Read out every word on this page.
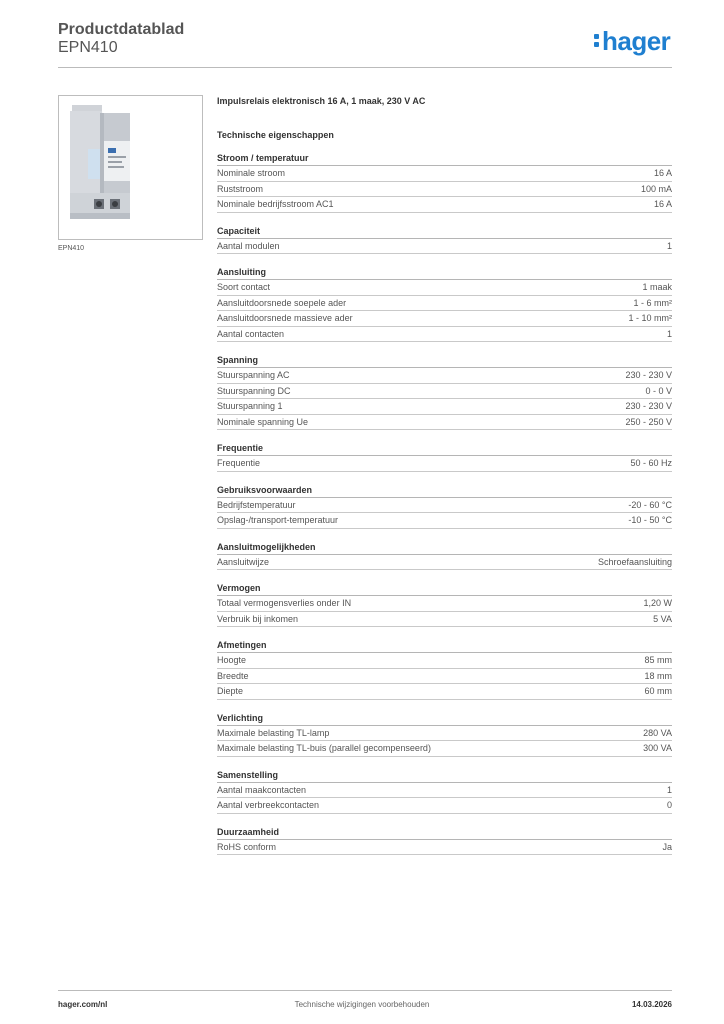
Productdatablad
EPN410	hager
EPN410
Impulsrelais elektronisch 16 A, 1 maak, 230 V AC
Technische eigenschappen
Stroom / temperatuur
Nominale stroom	16 A
Ruststroom	100 mA
Nominale bedrijfsstroom AC1	16 A
Capaciteit
Aantal modulen	1
Aansluiting
Soort contact	1 maak
Aansluitdoorsnede soepele ader	1 - 6 mm²
Aansluitdoorsnede massieve ader	1 - 10 mm²
Aantal contacten	1
Spanning
Stuurspanning AC	230 - 230 V
Stuurspanning DC	0 - 0 V
Stuurspanning 1	230 - 230 V
Nominale spanning Ue	250 - 250 V
Frequentie
Frequentie	50 - 60 Hz
Gebruiksvoorwaarden
Bedrijfstemperatuur	-20 - 60 °C
Opslag-/transport-temperatuur	-10 - 50 °C
Aansluitmogelijkheden
Aansluitwijze	Schroefaansluiting
Vermogen
Totaal vermogensverlies onder IN	1,20 W
Verbruik bij inkomen	5 VA
Afmetingen
Hoogte	85 mm
Breedte	18 mm
Diepte	60 mm
Verlichting
Maximale belasting TL-lamp	280 VA
Maximale belasting TL-buis (parallel gecompenseerd)	300 VA
Samenstelling
Aantal maakcontacten	1
Aantal verbreekcontacten	0
Duurzaamheid
RoHS conform	Ja
hager.com/nl	Technische wijzigingen voorbehouden	14.03.2026
